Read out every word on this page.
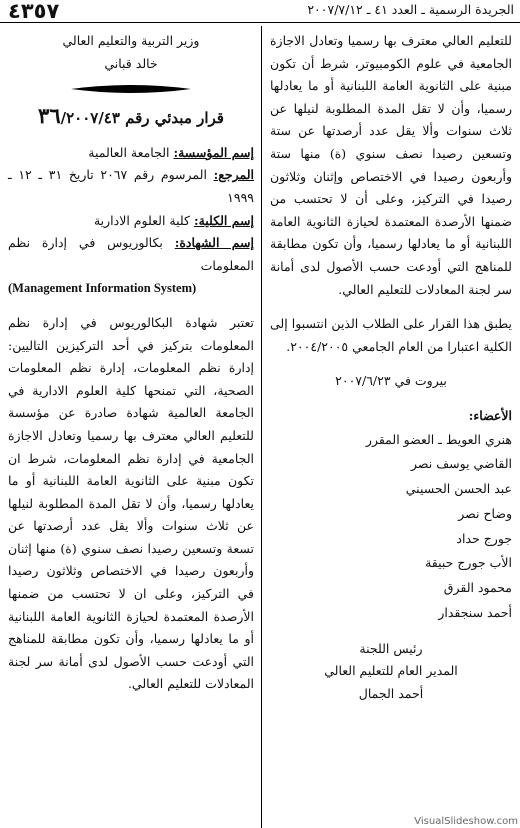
٤٣٥٧	الجريدة الرسمية ـ العدد ٤١ ـ ٢٠٠٧/٧/١٢

للتعليم العالي معترف بها رسميا وتعادل الاجازة الجامعية في علوم الكومبيوتر، شرط أن تكون مبنية على الثانوية العامة اللبنانية أو ما يعادلها رسميا، وأن لا تقل المدة المطلوبة لنيلها عن ثلاث سنوات وألا يقل عدد أرصدتها عن ستة وتسعين رصيدا نصف سنوي (ة) منها ستة وأربعون رصيدا في الاختصاص وإثنان وثلاثون رصيدا في التركيز، وعلى أن لا تحتسب من ضمنها الأرصدة المعتمدة لحيازة الثانوية العامة اللبنانية أو ما يعادلها رسميا، وأن تكون مطابقة للمناهج التي أودعت حسب الأصول لدى أمانة سر لجنة المعادلات للتعليم العالي.

يطبق هذا القرار على الطلاب الذين انتسبوا إلى الكلية اعتبارا من العام الجامعي ٢٠٠٤/٢٠٠٥.

بيروت في ٢٠٠٧/٦/٢٣

الأعضاء:
هنري العويط ـ العضو المقرر
القاضي يوسف نصر
عبد الحسن الحسيني
وضاح نصر
جورج حداد
الأب جورج حبيقة
محمود القرق
أحمد سنجقدار
رئيس اللجنة
المدير العام للتعليم العالي
أحمد الجمال
وزير التربية والتعليم العالي
خالد قباني
قرار مبدئي رقم ٣٦/٢٠٠٧/٤٣

إسم المؤسسة: الجامعة العالمية

المرجع: المرسوم رقم ٢٠٦٧ تاريخ ٣١ ـ ١٢ ـ ١٩٩٩

إسم الكلية: كلية العلوم الادارية

إسم الشهادة: بكالوريوس في إدارة نظم المعلومات

(Management Information System)

تعتبر شهادة البكالوريوس في إدارة نظم المعلومات بتركيز في أحد التركيزين التاليين: إدارة نظم المعلومات، إدارة نظم المعلومات الصحية، التي تمنحها كلية العلوم الادارية في الجامعة العالمية شهادة صادرة عن مؤسسة للتعليم العالي معترف بها رسميا وتعادل الاجازة الجامعية في إدارة نظم المعلومات، شرط ان تكون مبنية على الثانوية العامة اللبنانية أو ما يعادلها رسميا، وأن لا تقل المدة المطلوبة لنيلها عن ثلاث سنوات وألا يقل عدد أرصدتها عن تسعة وتسعين رصيدا نصف سنوي (ة) منها إثنان وأربعون رصيدا في الاختصاص وثلاثون رصيدا في التركيز، وعلى ان لا تحتسب من ضمنها الأرصدة المعتمدة لحيازة الثانوية العامة اللبنانية أو ما يعادلها رسميا، وأن تكون مطابقة للمناهج التي أودعت حسب الأصول لدى أمانة سر لجنة المعادلات للتعليم العالي.

VisualSlideshow.com
